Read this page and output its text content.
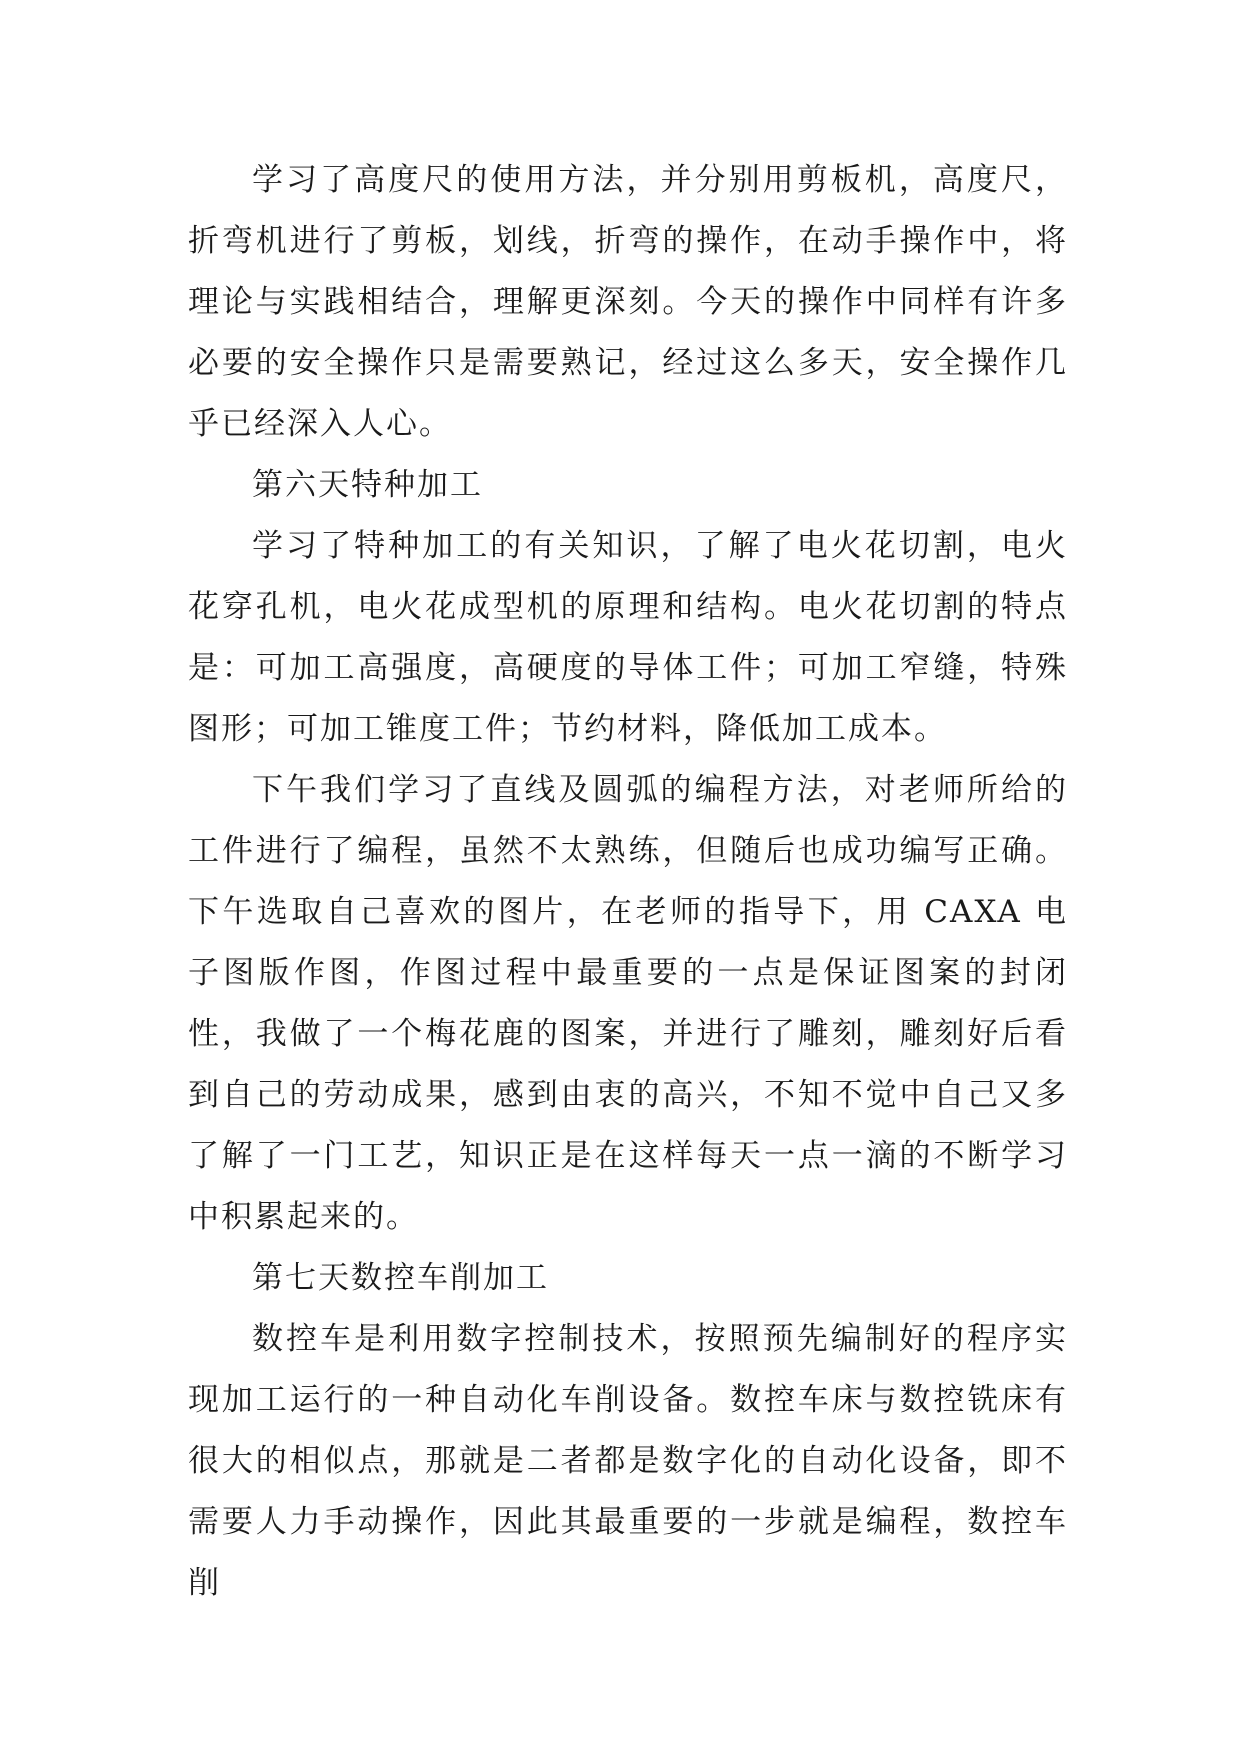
学习了高度尺的使用方法，并分别用剪板机，高度尺，折弯机进行了剪板，划线，折弯的操作，在动手操作中，将理论与实践相结合，理解更深刻。今天的操作中同样有许多必要的安全操作只是需要熟记，经过这么多天，安全操作几乎已经深入人心。

第六天特种加工

学习了特种加工的有关知识，了解了电火花切割，电火花穿孔机，电火花成型机的原理和结构。电火花切割的特点是：可加工高强度，高硬度的导体工件；可加工窄缝，特殊图形；可加工锥度工件；节约材料，降低加工成本。

下午我们学习了直线及圆弧的编程方法，对老师所给的工件进行了编程，虽然不太熟练，但随后也成功编写正确。下午选取自己喜欢的图片，在老师的指导下，用 CAXA 电子图版作图，作图过程中最重要的一点是保证图案的封闭性，我做了一个梅花鹿的图案，并进行了雕刻，雕刻好后看到自己的劳动成果，感到由衷的高兴，不知不觉中自己又多了解了一门工艺，知识正是在这样每天一点一滴的不断学习中积累起来的。

第七天数控车削加工

数控车是利用数字控制技术，按照预先编制好的程序实现加工运行的一种自动化车削设备。数控车床与数控铣床有很大的相似点，那就是二者都是数字化的自动化设备，即不需要人力手动操作，因此其最重要的一步就是编程，数控车削
